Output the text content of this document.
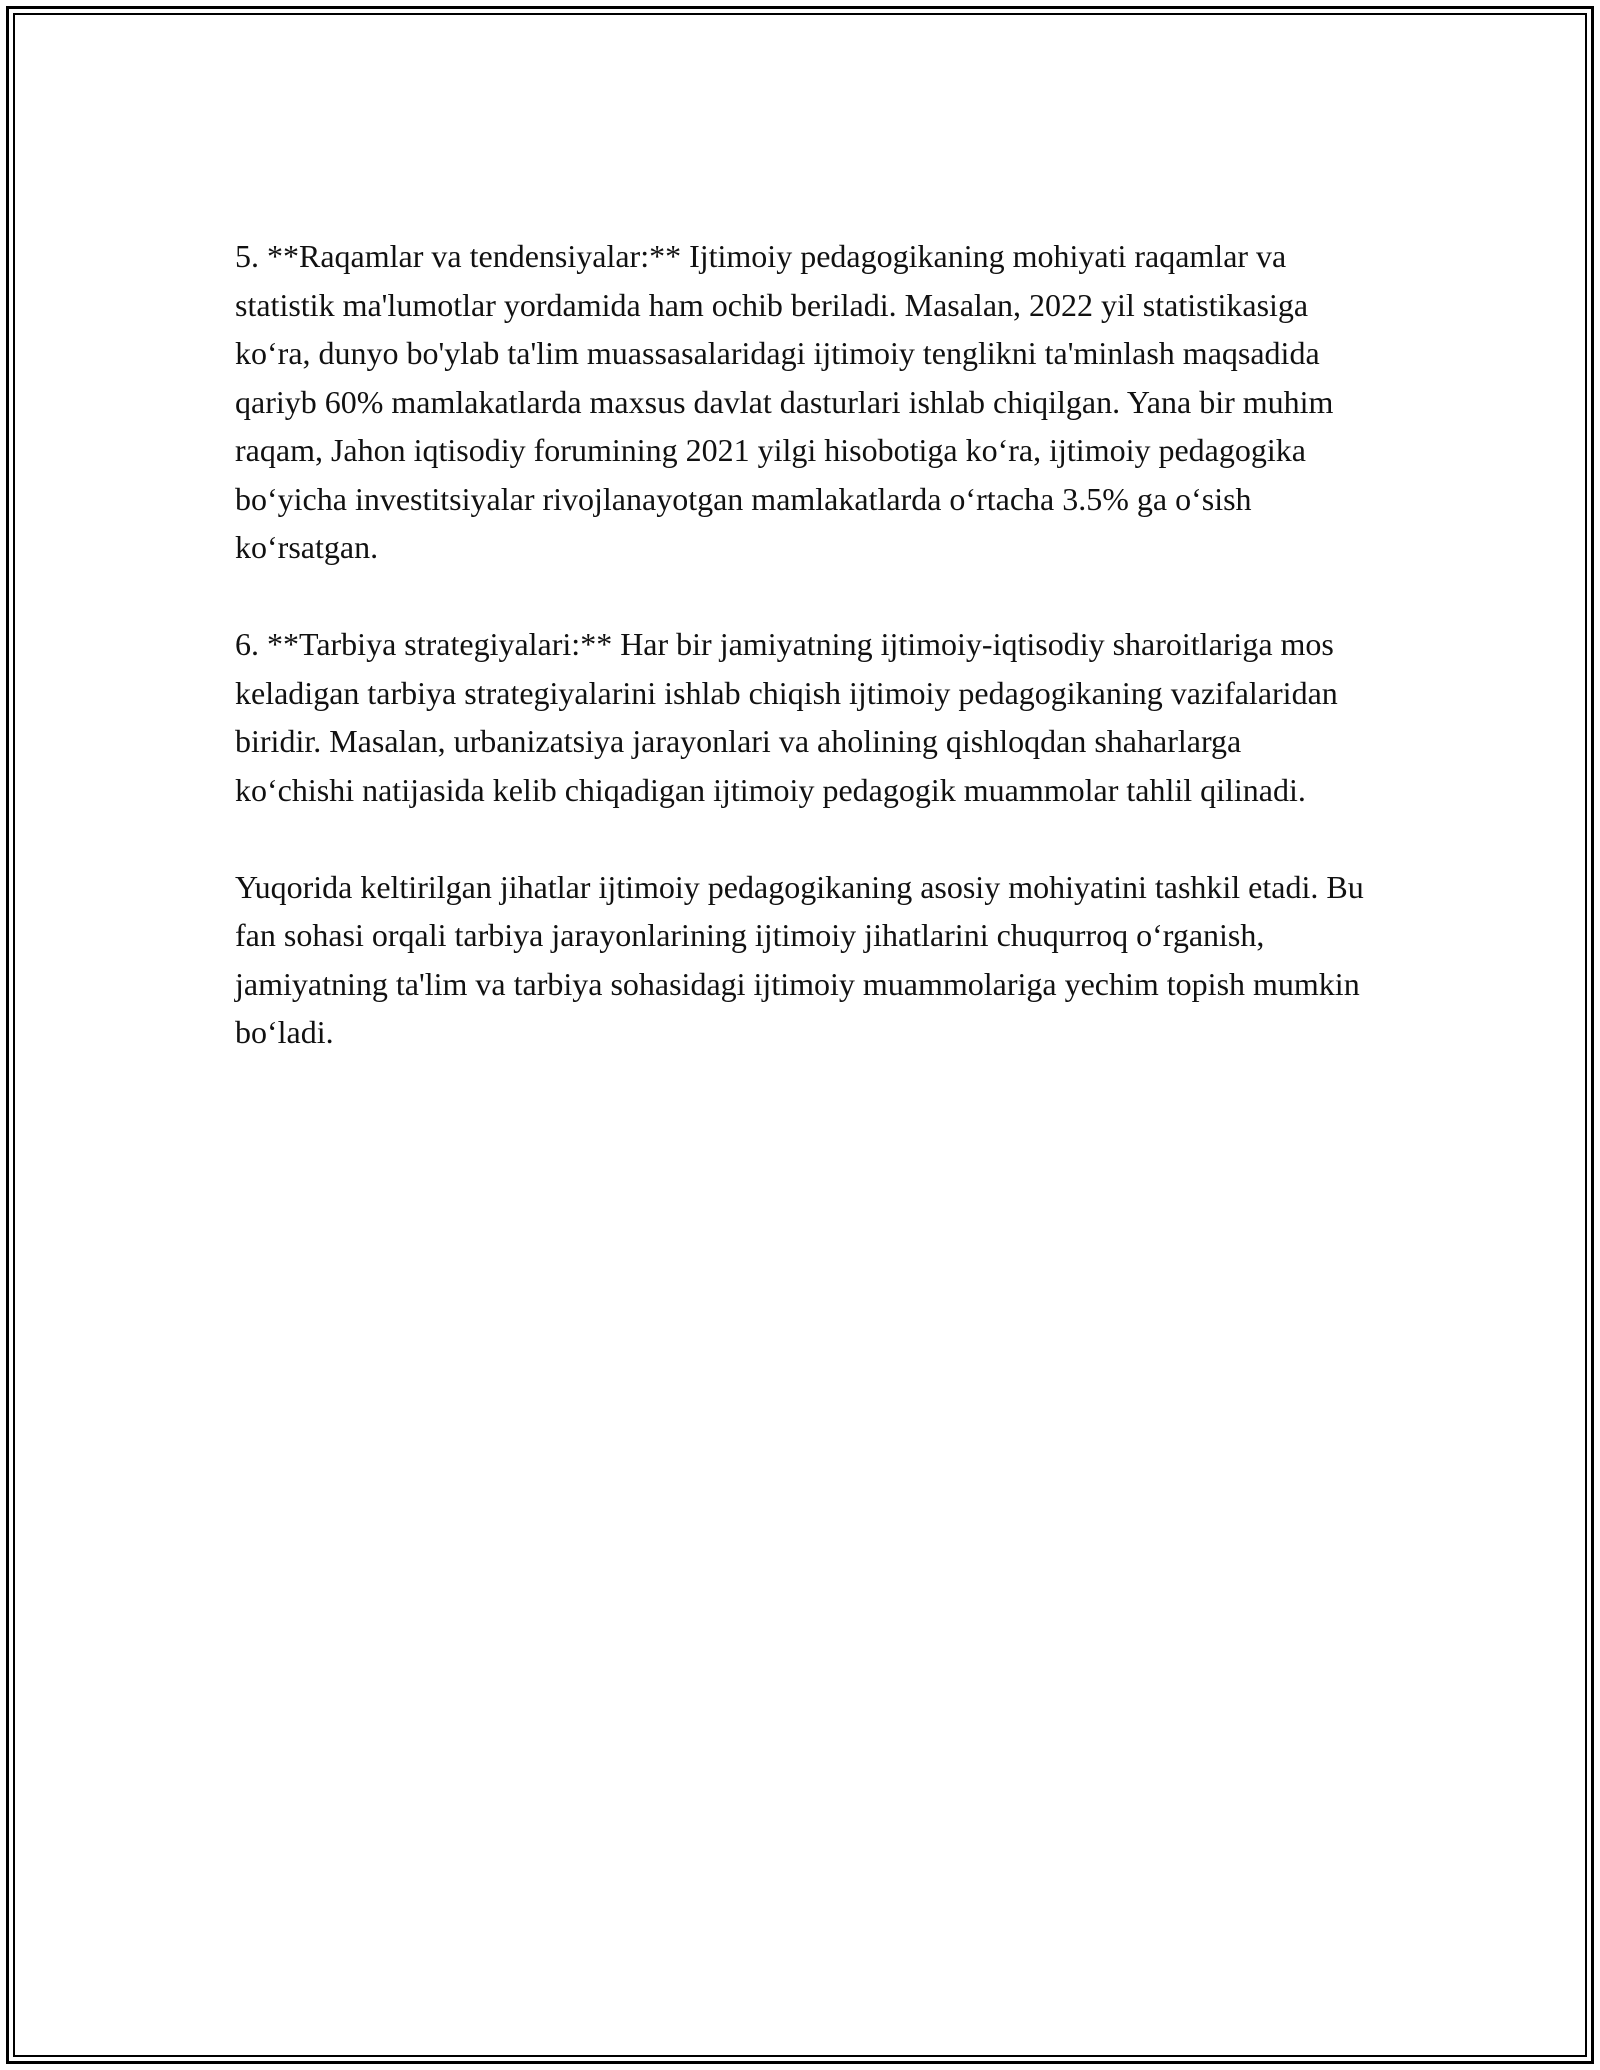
5. **Raqamlar va tendensiyalar:** Ijtimoiy pedagogikaning mohiyati raqamlar va statistik ma'lumotlar yordamida ham ochib beriladi. Masalan, 2022 yil statistikasiga ko‘ra, dunyo bo'ylab ta'lim muassasalaridagi ijtimoiy tenglikni ta'minlash maqsadida qariyb 60% mamlakatlarda maxsus davlat dasturlari ishlab chiqilgan. Yana bir muhim raqam, Jahon iqtisodiy forumining 2021 yilgi hisobotiga ko‘ra, ijtimoiy pedagogika bo‘yicha investitsiyalar rivojlanayotgan mamlakatlarda o‘rtacha 3.5% ga o‘sish ko‘rsatgan.

6. **Tarbiya strategiyalari:** Har bir jamiyatning ijtimoiy-iqtisodiy sharoitlariga mos keladigan tarbiya strategiyalarini ishlab chiqish ijtimoiy pedagogikaning vazifalaridan biridir. Masalan, urbanizatsiya jarayonlari va aholining qishloqdan shaharlarga ko‘chishi natijasida kelib chiqadigan ijtimoiy pedagogik muammolar tahlil qilinadi.

Yuqorida keltirilgan jihatlar ijtimoiy pedagogikaning asosiy mohiyatini tashkil etadi. Bu fan sohasi orqali tarbiya jarayonlarining ijtimoiy jihatlarini chuqurroq o‘rganish, jamiyatning ta'lim va tarbiya sohasidagi ijtimoiy muammolariga yechim topish mumkin bo‘ladi.
